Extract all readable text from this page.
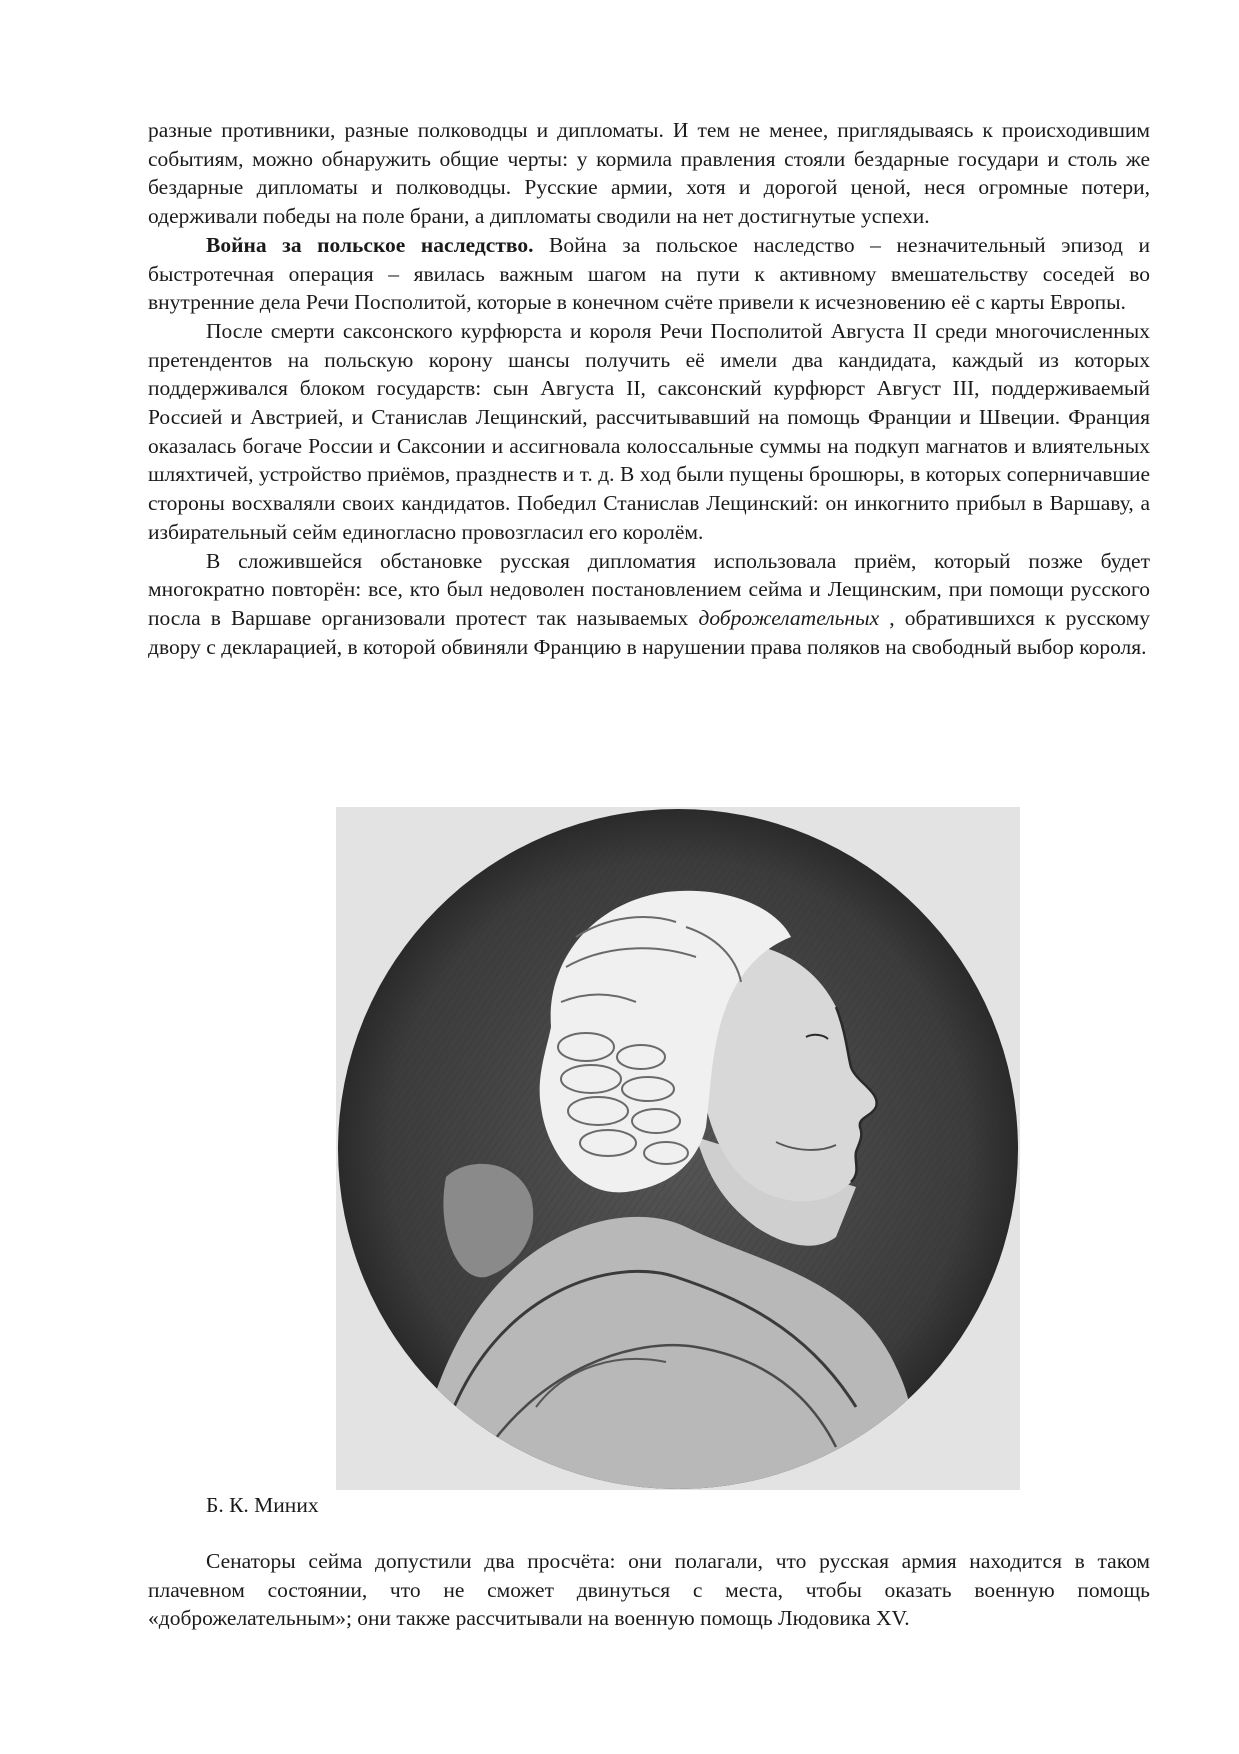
разные противники, разные полководцы и дипломаты. И тем не менее, приглядываясь к происходившим событиям, можно обнаружить общие черты: у кормила правления стояли бездарные государи и столь же бездарные дипломаты и полководцы. Русские армии, хотя и дорогой ценой, неся огромные потери, одерживали победы на поле брани, а дипломаты сводили на нет достигнутые успехи.

Война за польское наследство. Война за польское наследство – незначительный эпизод и быстротечная операция – явилась важным шагом на пути к активному вмешательству соседей во внутренние дела Речи Посполитой, которые в конечном счёте привели к исчезновению её с карты Европы.

После смерти саксонского курфюрста и короля Речи Посполитой Августа II среди многочисленных претендентов на польскую корону шансы получить её имели два кандидата, каждый из которых поддерживался блоком государств: сын Августа II, саксонский курфюрст Август III, поддерживаемый Россией и Австрией, и Станислав Лещинский, рассчитывавший на помощь Франции и Швеции. Франция оказалась богаче России и Саксонии и ассигновала колоссальные суммы на подкуп магнатов и влиятельных шляхтичей, устройство приёмов, празднеств и т. д. В ход были пущены брошюры, в которых соперничавшие стороны восхваляли своих кандидатов. Победил Станислав Лещинский: он инкогнито прибыл в Варшаву, а избирательный сейм единогласно провозгласил его королём.

В сложившейся обстановке русская дипломатия использовала приём, который позже будет многократно повторён: все, кто был недоволен постановлением сейма и Лещинским, при помощи русского посла в Варшаве организовали протест так называемых доброжелательных , обратившихся к русскому двору с декларацией, в которой обвиняли Францию в нарушении права поляков на свободный выбор короля.

Б. К. Миних

Сенаторы сейма допустили два просчёта: они полагали, что русская армия находится в таком плачевном состоянии, что не сможет двинуться с места, чтобы оказать военную помощь «доброжелательным»; они также рассчитывали на военную помощь Людовика XV.
